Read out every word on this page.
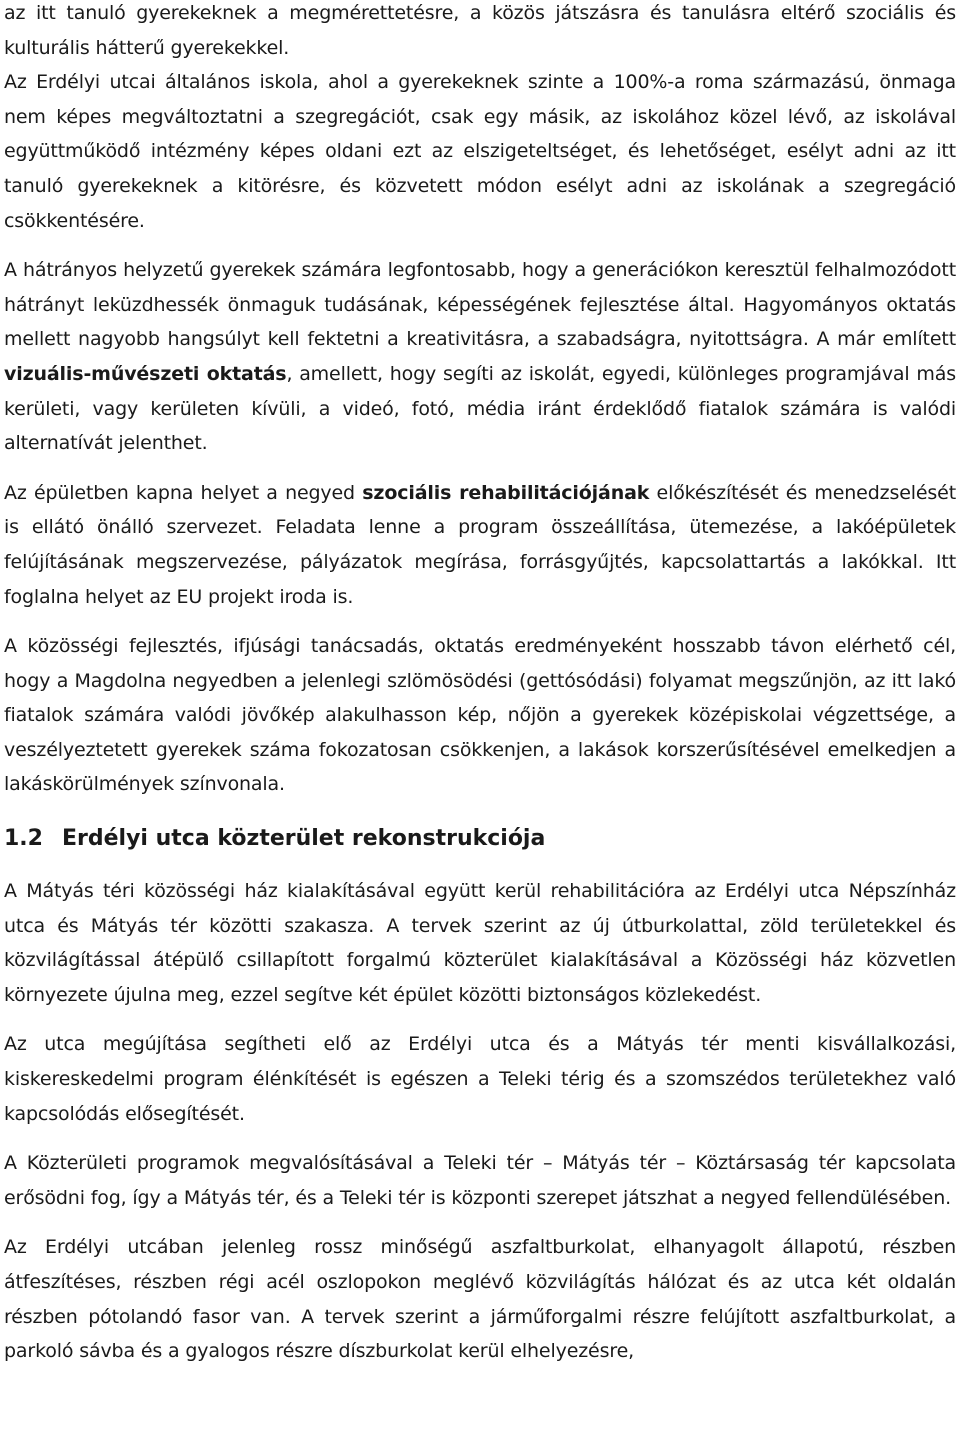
az itt tanuló gyerekeknek a megmérettetésre, a közös játszásra és tanulásra eltérő szociális és kulturális hátterű gyerekekkel.

Az Erdélyi utcai általános iskola, ahol a gyerekeknek szinte a 100%-a roma származású, önmaga nem képes megváltoztatni a szegregációt, csak egy másik, az iskolához közel lévő, az iskolával együttműködő intézmény képes oldani ezt az elszigeteltséget, és lehetőséget, esélyt adni az itt tanuló gyerekeknek a kitörésre, és közvetett módon esélyt adni az iskolának a szegregáció csökkentésére.

A hátrányos helyzetű gyerekek számára legfontosabb, hogy a generációkon keresztül felhalmozódott hátrányt leküzdhessék önmaguk tudásának, képességének fejlesztése által. Hagyományos oktatás mellett nagyobb hangsúlyt kell fektetni a kreativitásra, a szabadságra, nyitottságra. A már említett vizuális-művészeti oktatás, amellett, hogy segíti az iskolát, egyedi, különleges programjával más kerületi, vagy kerületen kívüli, a videó, fotó, média iránt érdeklődő fiatalok számára is valódi alternatívát jelenthet.

Az épületben kapna helyet a negyed szociális rehabilitációjának előkészítését és menedzselését is ellátó önálló szervezet. Feladata lenne a program összeállítása, ütemezése, a lakóépületek felújításának megszervezése, pályázatok megírása, forrásgyűjtés, kapcsolattartás a lakókkal. Itt foglalna helyet az EU projekt iroda is.

A közösségi fejlesztés, ifjúsági tanácsadás, oktatás eredményeként hosszabb távon elérhető cél, hogy a Magdolna negyedben a jelenlegi szlömösödési (gettósódási) folyamat megszűnjön, az itt lakó fiatalok számára valódi jövőkép alakulhasson kép, nőjön a gyerekek középiskolai végzettsége, a veszélyeztetett gyerekek száma fokozatosan csökkenjen, a lakások korszerűsítésével emelkedjen a lakáskörülmények színvonala.

1.2 Erdélyi utca közterület rekonstrukciója

A Mátyás téri közösségi ház kialakításával együtt kerül rehabilitációra az Erdélyi utca Népszínház utca és Mátyás tér közötti szakasza. A tervek szerint az új útburkolattal, zöld területekkel és közvilágítással átépülő csillapított forgalmú közterület kialakításával a Közösségi ház közvetlen környezete újulna meg, ezzel segítve két épület közötti biztonságos közlekedést.

Az utca megújítása segítheti elő az Erdélyi utca és a Mátyás tér menti kisvállalkozási, kiskereskedelmi program élénkítését is egészen a Teleki térig és a szomszédos területekhez való kapcsolódás elősegítését.

A Közterületi programok megvalósításával a Teleki tér – Mátyás tér – Köztársaság tér kapcsolata erősödni fog, így a Mátyás tér, és a Teleki tér is központi szerepet játszhat a negyed fellendülésében.

Az Erdélyi utcában jelenleg rossz minőségű aszfaltburkolat, elhanyagolt állapotú, részben átfeszítéses, részben régi acél oszlopokon meglévő közvilágítás hálózat és az utca két oldalán részben pótolandó fasor van. A tervek szerint a járműforgalmi részre felújított aszfaltburkolat, a parkoló sávba és a gyalogos részre díszburkolat kerül elhelyezésre,
